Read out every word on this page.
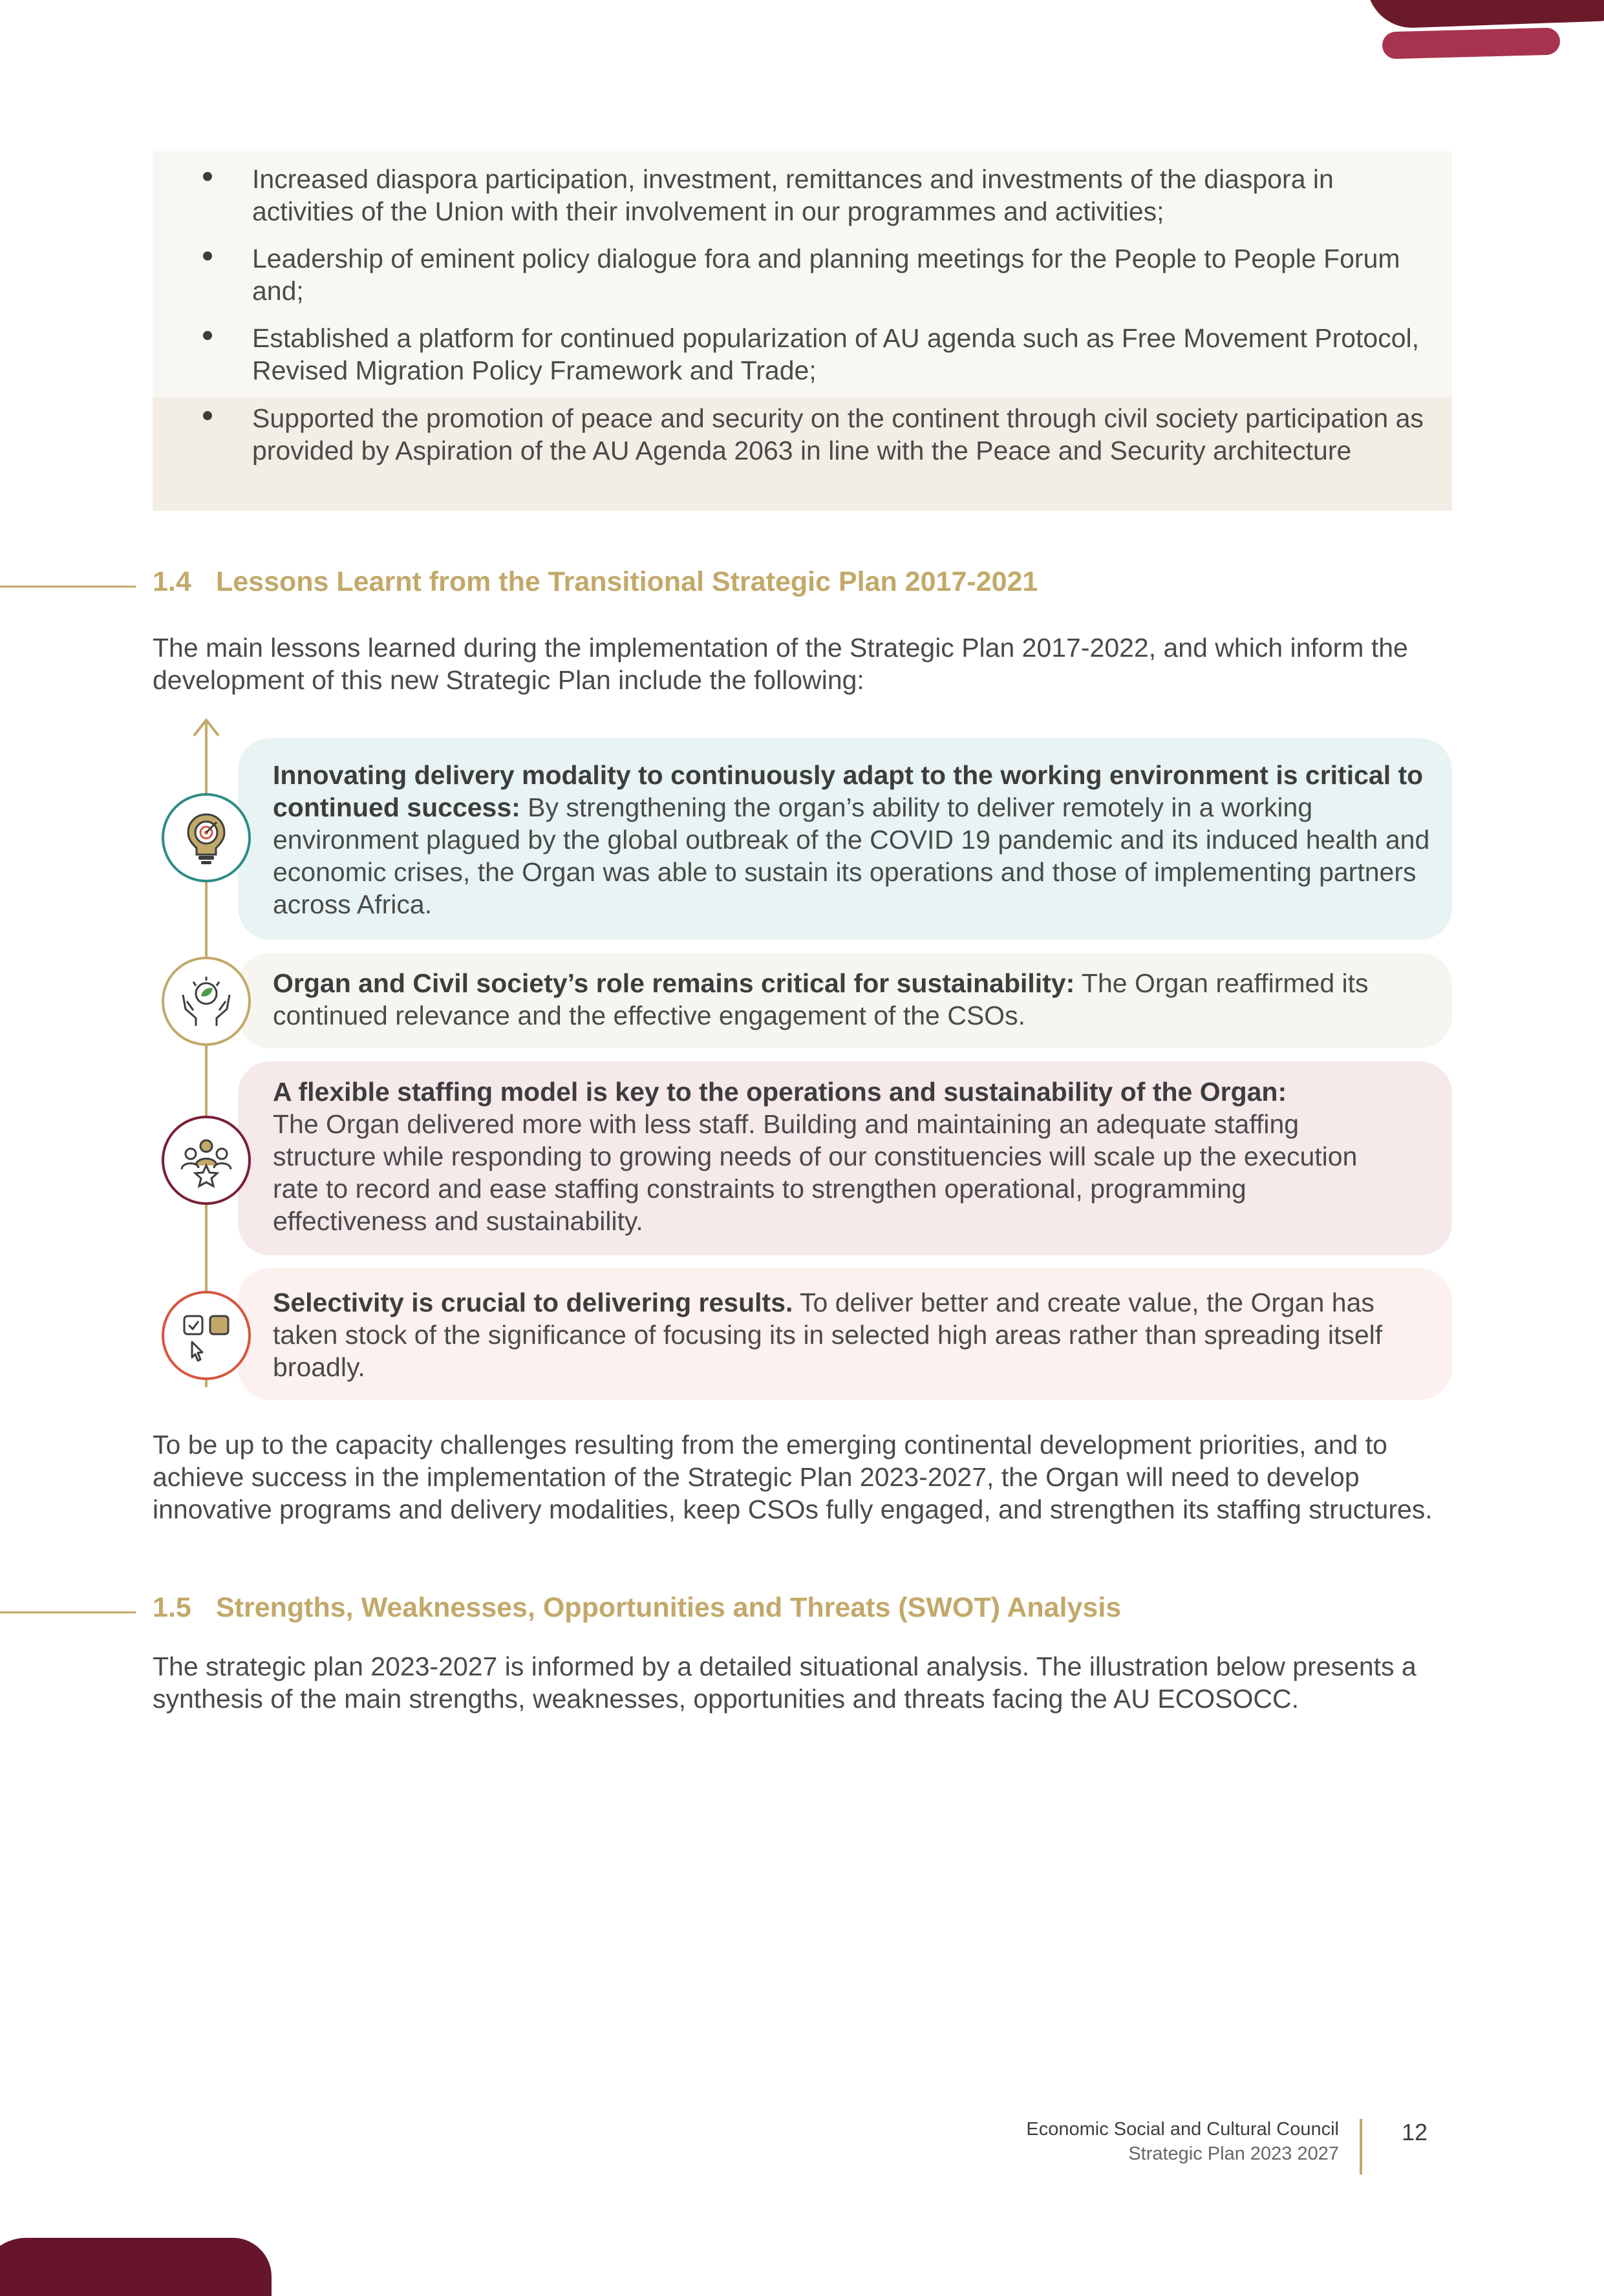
Increased diaspora participation, investment, remittances and investments of the diaspora in activities of the Union with their involvement in our programmes and activities;
Leadership of eminent policy dialogue fora and planning meetings for the People to People Forum and;
Established a platform for continued popularization of AU agenda such as Free Movement Protocol, Revised Migration Policy Framework and Trade;
Supported the promotion of peace and security on the continent through civil society participation as provided by Aspiration of the AU Agenda 2063 in line with the Peace and Security architecture
1.4 Lessons Learnt from the Transitional Strategic Plan 2017-2021
The main lessons learned during the implementation of the Strategic Plan 2017-2022, and which inform the development of this new Strategic Plan include the following:
Innovating delivery modality to continuously adapt to the working environment is critical to continued success: By strengthening the organ’s ability to deliver remotely in a working environment plagued by the global outbreak of the COVID 19 pandemic and its induced health and economic crises, the Organ was able to sustain its operations and those of implementing partners across Africa.
Organ and Civil society’s role remains critical for sustainability: The Organ reaffirmed its continued relevance and the effective engagement of the CSOs.
A flexible staffing model is key to the operations and sustainability of the Organ:
The Organ delivered more with less staff. Building and maintaining an adequate staffing structure while responding to growing needs of our constituencies will scale up the execution rate to record and ease staffing constraints to strengthen operational, programming effectiveness and sustainability.
Selectivity is crucial to delivering results. To deliver better and create value, the Organ has taken stock of the significance of focusing its in selected high areas rather than spreading itself broadly.
To be up to the capacity challenges resulting from the emerging continental development priorities, and to achieve success in the implementation of the Strategic Plan 2023-2027, the Organ will need to develop innovative programs and delivery modalities, keep CSOs fully engaged, and strengthen its staffing structures.
1.5 Strengths, Weaknesses, Opportunities and Threats (SWOT) Analysis
The strategic plan 2023-2027 is informed by a detailed situational analysis. The illustration below presents a synthesis of the main strengths, weaknesses, opportunities and threats facing the AU ECOSOCC.
Economic Social and Cultural Council
Strategic Plan 2023 2027
12
